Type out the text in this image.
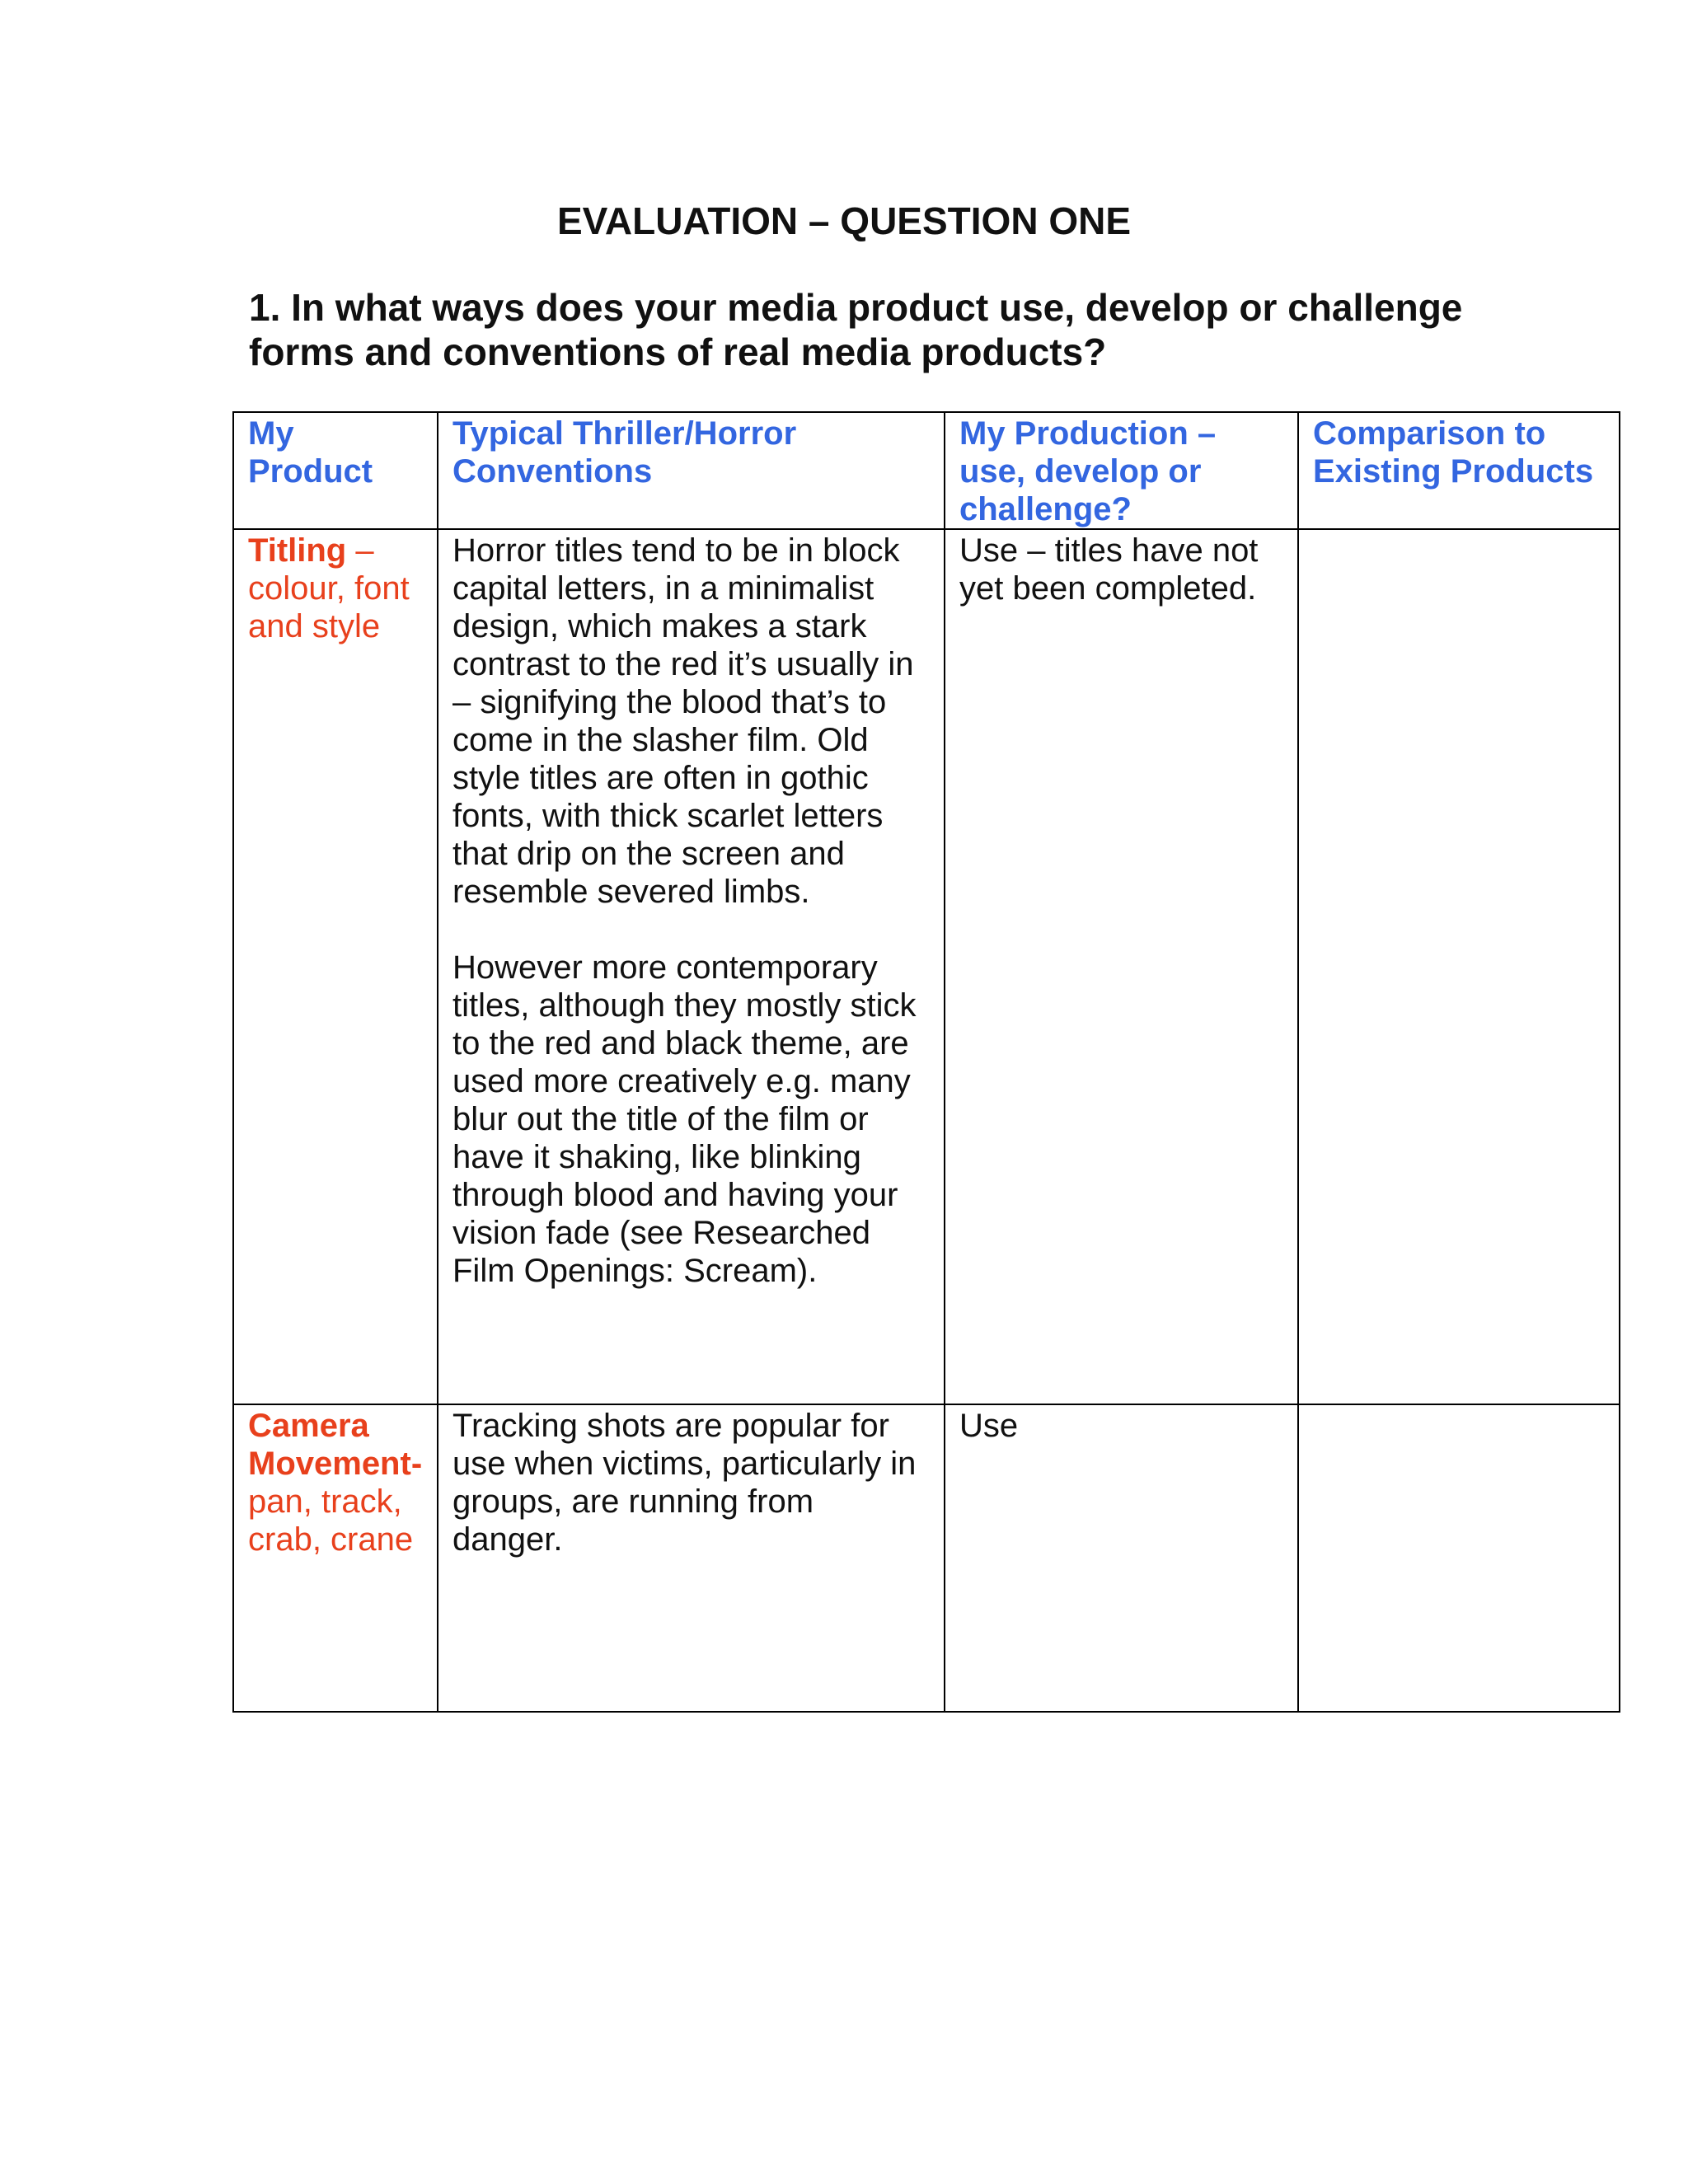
EVALUATION – QUESTION ONE
1. In what ways does your media product use, develop or challenge forms and conventions of real media products?
My Product	Typical Thriller/Horror Conventions	My Production – use, develop or challenge?	Comparison to Existing Products
Titling – colour, font and style	Horror titles tend to be in block capital letters, in a minimalist design, which makes a stark contrast to the red it’s usually in – signifying the blood that’s to come in the slasher film. Old style titles are often in gothic fonts, with thick scarlet letters that drip on the screen and resemble severed limbs.
However more contemporary titles, although they mostly stick to the red and black theme, are used more creatively e.g. many blur out the title of the film or have it shaking, like blinking through blood and having your vision fade (see Researched Film Openings: Scream).	Use – titles have not yet been completed.	
Camera Movement- pan, track, crab, crane	Tracking shots are popular for use when victims, particularly in groups, are running from danger.	Use	
